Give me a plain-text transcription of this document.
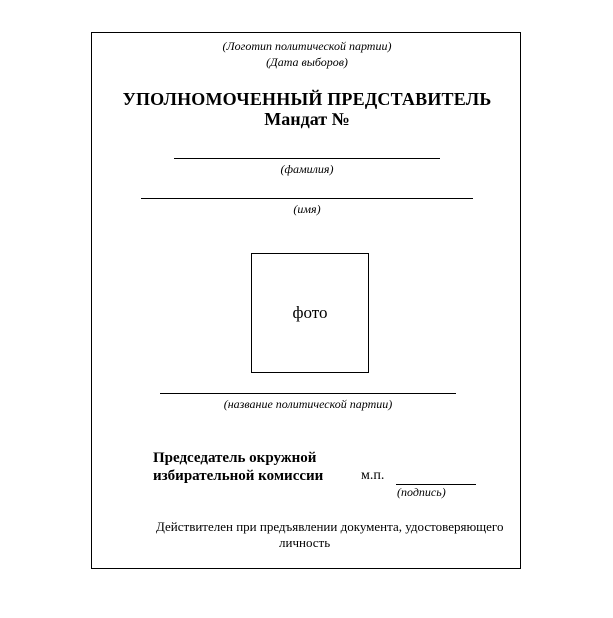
(Логотип политической партии)
(Дата выборов)
УПОЛНОМОЧЕННЫЙ ПРЕДСТАВИТЕЛЬ
Мандат №
(фамилия)
(имя)
фото
(название политической партии)
Председатель окружной
избирательной комиссии	м.п.
(подпись)
Действителен при предъявлении документа, удостоверяющего
личность
